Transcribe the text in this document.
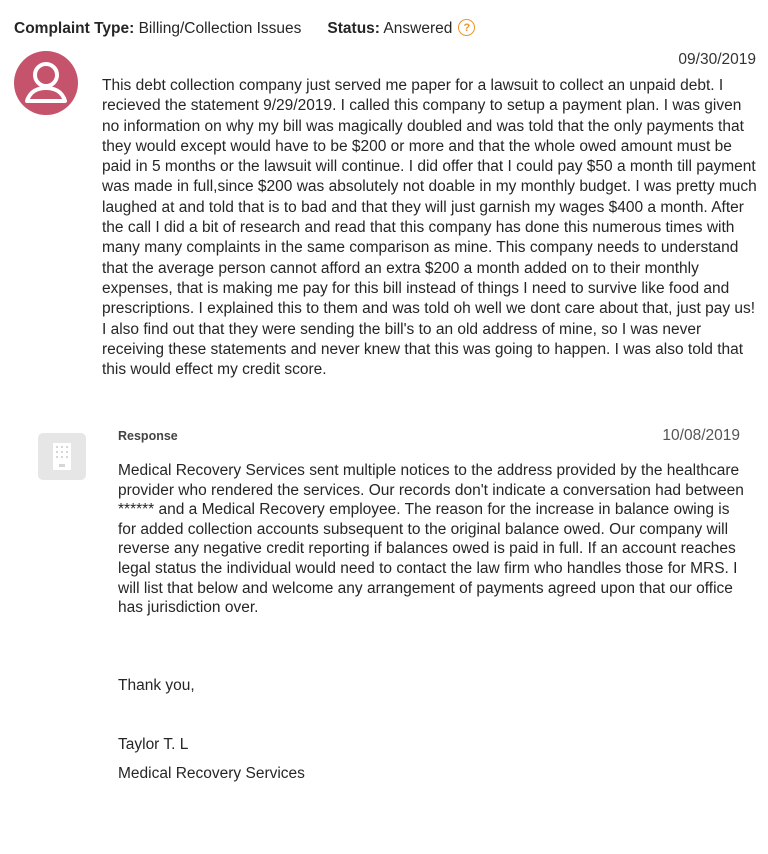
Complaint Type: Billing/Collection Issues Status: Answered ?
09/30/2019
This debt collection company just served me paper for a lawsuit to collect an unpaid debt. I recieved the statement 9/29/2019. I called this company to setup a payment plan. I was given no information on why my bill was magically doubled and was told that the only payments that they would except would have to be $200 or more and that the whole owed amount must be paid in 5 months or the lawsuit will continue. I did offer that I could pay $50 a month till payment was made in full,since $200 was absolutely not doable in my monthly budget. I was pretty much laughed at and told that is to bad and that they will just garnish my wages $400 a month. After the call I did a bit of research and read that this company has done this numerous times with many many complaints in the same comparison as mine. This company needs to understand that the average person cannot afford an extra $200 a month added on to their monthly expenses, that is making me pay for this bill instead of things I need to survive like food and prescriptions. I explained this to them and was told oh well we dont care about that, just pay us! I also find out that they were sending the bill's to an old address of mine, so I was never receiving these statements and never knew that this was going to happen. I was also told that this would effect my credit score.
Response	10/08/2019

Medical Recovery Services sent multiple notices to the address provided by the healthcare provider who rendered the services. Our records don't indicate a conversation had between ****** and a Medical Recovery employee. The reason for the increase in balance owing is for added collection accounts subsequent to the original balance owed. Our company will reverse any negative credit reporting if balances owed is paid in full. If an account reaches legal status the individual would need to contact the law firm who handles those for MRS. I will list that below and welcome any arrangement of payments agreed upon that our office has jurisdiction over.

Thank you,
Taylor T. L
Medical Recovery Services
